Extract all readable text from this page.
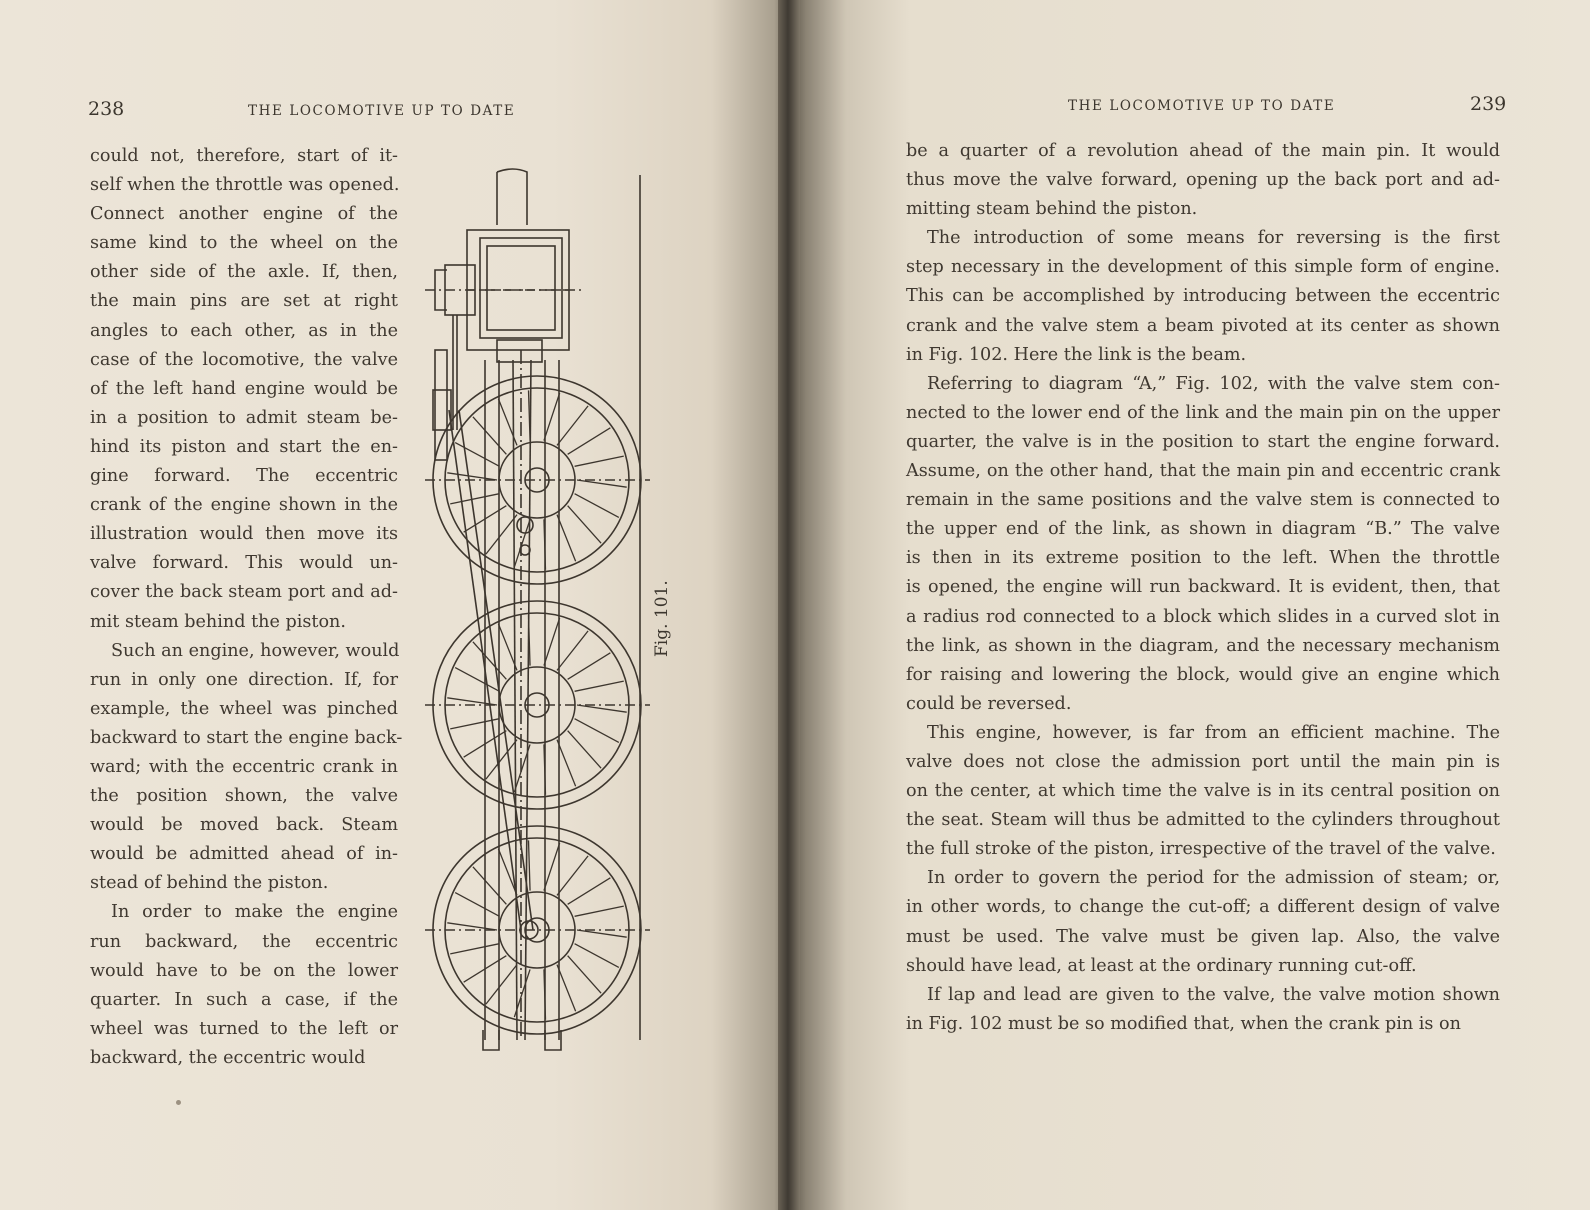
238	THE LOCOMOTIVE UP TO DATE
could not, therefore, start of it-
self when the throttle was opened.
Connect another engine of the
same kind to the wheel on the
other side of the axle. If, then,
the main pins are set at right
angles to each other, as in the
case of the locomotive, the valve
of the left hand engine would be
in a position to admit steam be-
hind its piston and start the en-
gine forward. The eccentric
crank of the engine shown in the
illustration would then move its
valve forward. This would un-
cover the back steam port and ad-
mit steam behind the piston.
Such an engine, however, would
run in only one direction. If, for
example, the wheel was pinched
backward to start the engine back-
ward; with the eccentric crank in
the position shown, the valve
would be moved back. Steam
would be admitted ahead of in-
stead of behind the piston.
In order to make the engine
run backward, the eccentric
would have to be on the lower
quarter. In such a case, if the
wheel was turned to the left or
backward, the eccentric would
Fig. 101.
THE LOCOMOTIVE UP TO DATE	239
be a quarter of a revolution ahead of the main pin. It would
thus move the valve forward, opening up the back port and ad-
mitting steam behind the piston.
The introduction of some means for reversing is the first
step necessary in the development of this simple form of engine.
This can be accomplished by introducing between the eccentric
crank and the valve stem a beam pivoted at its center as shown
in Fig. 102. Here the link is the beam.
Referring to diagram “A,” Fig. 102, with the valve stem con-
nected to the lower end of the link and the main pin on the upper
quarter, the valve is in the position to start the engine forward.
Assume, on the other hand, that the main pin and eccentric crank
remain in the same positions and the valve stem is connected to
the upper end of the link, as shown in diagram “B.” The valve
is then in its extreme position to the left. When the throttle
is opened, the engine will run backward. It is evident, then, that
a radius rod connected to a block which slides in a curved slot in
the link, as shown in the diagram, and the necessary mechanism
for raising and lowering the block, would give an engine which
could be reversed.
This engine, however, is far from an efficient machine. The
valve does not close the admission port until the main pin is
on the center, at which time the valve is in its central position on
the seat. Steam will thus be admitted to the cylinders throughout
the full stroke of the piston, irrespective of the travel of the valve.
In order to govern the period for the admission of steam; or,
in other words, to change the cut-off; a different design of valve
must be used. The valve must be given lap. Also, the valve
should have lead, at least at the ordinary running cut-off.
If lap and lead are given to the valve, the valve motion shown
in Fig. 102 must be so modified that, when the crank pin is on
